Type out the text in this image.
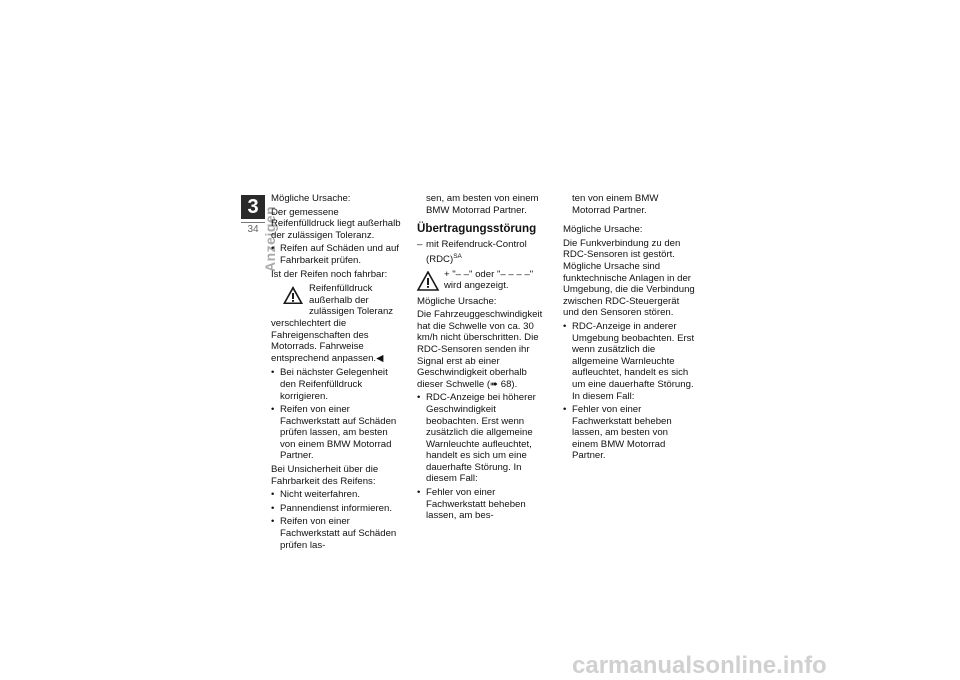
3
34 Anzeigen

Mögliche Ursache:

Der gemessene Reifenfülldruck liegt außerhalb der zulässigen Toleranz.

• Reifen auf Schäden und auf Fahrbarkeit prüfen.

Ist der Reifen noch fahrbar:

Reifenfülldruck außerhalb der zulässigen Toleranz verschlechtert die Fahreigenschaften des Motorrads. Fahrweise entsprechend anpassen.◀

• Bei nächster Gelegenheit den Reifenfülldruck korrigieren.

• Reifen von einer Fachwerkstatt auf Schäden prüfen lassen, am besten von einem BMW Motorrad Partner.

Bei Unsicherheit über die Fahrbarkeit des Reifens:

• Nicht weiterfahren.

• Pannendienst informieren.

• Reifen von einer Fachwerkstatt auf Schäden prüfen las-

sen, am besten von einem BMW Motorrad Partner.

Übertragungsstörung

– mit Reifendruck-Control (RDC)$^{SA}$

+ "– –" oder "– – – –" wird angezeigt.

Mögliche Ursache:

Die Fahrzeuggeschwindigkeit hat die Schwelle von ca. 30 km/h nicht überschritten. Die RDC-Sensoren senden ihr Signal erst ab einer Geschwindigkeit oberhalb dieser Schwelle (➠ 68).

• RDC-Anzeige bei höherer Geschwindigkeit beobachten. Erst wenn zusätzlich die allgemeine Warnleuchte aufleuchtet, handelt es sich um eine dauerhafte Störung. In diesem Fall:

• Fehler von einer Fachwerkstatt beheben lassen, am bes-

ten von einem BMW Motorrad Partner.

Mögliche Ursache:

Die Funkverbindung zu den RDC-Sensoren ist gestört. Mögliche Ursache sind funktechnische Anlagen in der Umgebung, die die Verbindung zwischen RDC-Steuergerät und den Sensoren stören.

• RDC-Anzeige in anderer Umgebung beobachten. Erst wenn zusätzlich die allgemeine Warnleuchte aufleuchtet, handelt es sich um eine dauerhafte Störung. In diesem Fall:

• Fehler von einer Fachwerkstatt beheben lassen, am besten von einem BMW Motorrad Partner.

carmanualsonline.info
